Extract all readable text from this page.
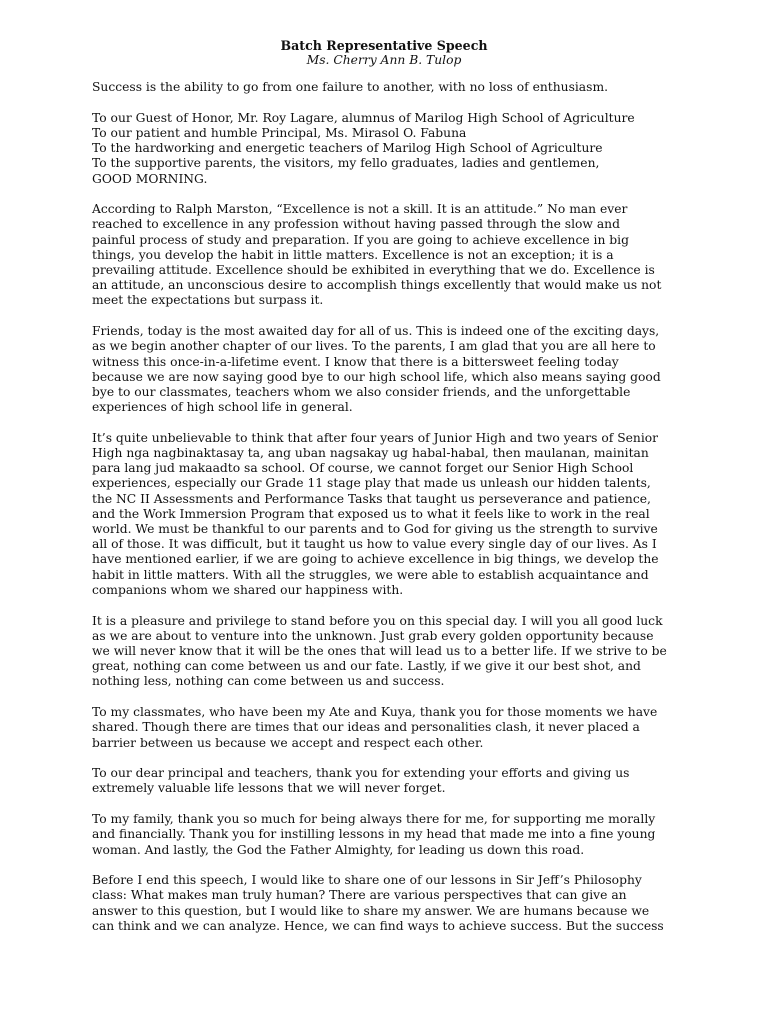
Batch Representative Speech
Ms. Cherry Ann B. Tulop
Success is the ability to go from one failure to another, with no loss of enthusiasm.
To our Guest of Honor, Mr. Roy Lagare, alumnus of Marilog High School of Agriculture
To our patient and humble Principal, Ms. Mirasol O. Fabuna
To the hardworking and energetic teachers of Marilog High School of Agriculture
To the supportive parents, the visitors, my fello graduates, ladies and gentlemen,
GOOD MORNING.
According to Ralph Marston, “Excellence is not a skill. It is an attitude.” No man ever
reached to excellence in any profession without having passed through the slow and
painful process of study and preparation. If you are going to achieve excellence in big
things, you develop the habit in little matters. Excellence is not an exception; it is a
prevailing attitude. Excellence should be exhibited in everything that we do. Excellence is
an attitude, an unconscious desire to accomplish things excellently that would make us not
meet the expectations but surpass it.
Friends, today is the most awaited day for all of us. This is indeed one of the exciting days,
as we begin another chapter of our lives. To the parents, I am glad that you are all here to
witness this once-in-a-lifetime event. I know that there is a bittersweet feeling today
because we are now saying good bye to our high school life, which also means saying good
bye to our classmates, teachers whom we also consider friends, and the unforgettable
experiences of high school life in general.
It’s quite unbelievable to think that after four years of Junior High and two years of Senior
High nga nagbinaktasay ta, ang uban nagsakay ug habal-habal, then maulanan, mainitan
para lang jud makaadto sa school. Of course, we cannot forget our Senior High School
experiences, especially our Grade 11 stage play that made us unleash our hidden talents,
the NC II Assessments and Performance Tasks that taught us perseverance and patience,
and the Work Immersion Program that exposed us to what it feels like to work in the real
world. We must be thankful to our parents and to God for giving us the strength to survive
all of those. It was difficult, but it taught us how to value every single day of our lives. As I
have mentioned earlier, if we are going to achieve excellence in big things, we develop the
habit in little matters. With all the struggles, we were able to establish acquaintance and
companions whom we shared our happiness with.
It is a pleasure and privilege to stand before you on this special day. I will you all good luck
as we are about to venture into the unknown. Just grab every golden opportunity because
we will never know that it will be the ones that will lead us to a better life. If we strive to be
great, nothing can come between us and our fate. Lastly, if we give it our best shot, and
nothing less, nothing can come between us and success.
To my classmates, who have been my Ate and Kuya, thank you for those moments we have
shared. Though there are times that our ideas and personalities clash, it never placed a
barrier between us because we accept and respect each other.
To our dear principal and teachers, thank you for extending your efforts and giving us
extremely valuable life lessons that we will never forget.
To my family, thank you so much for being always there for me, for supporting me morally
and financially. Thank you for instilling lessons in my head that made me into a fine young
woman. And lastly, the God the Father Almighty, for leading us down this road.
Before I end this speech, I would like to share one of our lessons in Sir Jeff’s Philosophy
class: What makes man truly human? There are various perspectives that can give an
answer to this question, but I would like to share my answer. We are humans because we
can think and we can analyze. Hence, we can find ways to achieve success. But the success
